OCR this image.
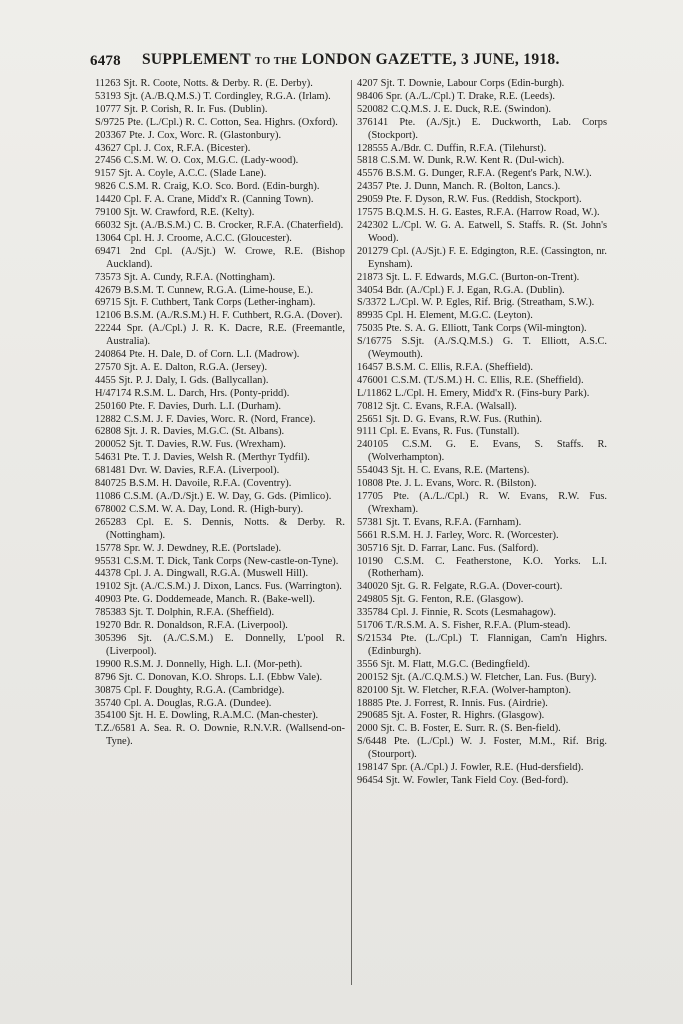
6478 SUPPLEMENT TO THE LONDON GAZETTE, 3 JUNE, 1918.

11263 Sjt. R. Coote, Notts. & Derby. R. (E. Derby).

53193 Sjt. (A./B.Q.M.S.) T. Cordingley, R.G.A. (Irlam).

10777 Sjt. P. Corish, R. Ir. Fus. (Dublin).

S/9725 Pte. (L./Cpl.) R. C. Cotton, Sea. Highrs. (Oxford).

203367 Pte. J. Cox, Worc. R. (Glastonbury).

43627 Cpl. J. Cox, R.F.A. (Bicester).

27456 C.S.M. W. O. Cox, M.G.C. (Lady-wood).

9157 Sjt. A. Coyle, A.C.C. (Slade Lane).

9826 C.S.M. R. Craig, K.O. Sco. Bord. (Edin-burgh).

14420 Cpl. F. A. Crane, Midd'x R. (Canning Town).

79100 Sjt. W. Crawford, R.E. (Kelty).

66032 Sjt. (A./B.S.M.) C. B. Crocker, R.F.A. (Chaterfield).

13064 Cpl. H. J. Croome, A.C.C. (Gloucester).

69471 2nd Cpl. (A./Sjt.) W. Crowe, R.E. (Bishop Auckland).

73573 Sjt. A. Cundy, R.F.A. (Nottingham).

42679 B.S.M. T. Cunnew, R.G.A. (Lime-house, E.).

69715 Sjt. F. Cuthbert, Tank Corps (Lether-ingham).

12106 B.S.M. (A./R.S.M.) H. F. Cuthbert, R.G.A. (Dover).

22244 Spr. (A./Cpl.) J. R. K. Dacre, R.E. (Freemantle, Australia).

240864 Pte. H. Dale, D. of Corn. L.I. (Madrow).

27570 Sjt. A. E. Dalton, R.G.A. (Jersey).

4455 Sjt. P. J. Daly, I. Gds. (Ballycallan).

H/47174 R.S.M. L. Darch, Hrs. (Ponty-pridd).

250160 Pte. F. Davies, Durh. L.I. (Durham).

12882 C.S.M. J. F. Davies, Worc. R. (Nord, France).

62808 Sjt. J. R. Davies, M.G.C. (St. Albans).

200052 Sjt. T. Davies, R.W. Fus. (Wrexham).

54631 Pte. T. J. Davies, Welsh R. (Merthyr Tydfil).

681481 Dvr. W. Davies, R.F.A. (Liverpool).

840725 B.S.M. H. Davoile, R.F.A. (Coventry).

11086 C.S.M. (A./D./Sjt.) E. W. Day, G. Gds. (Pimlico).

678002 C.S.M. W. A. Day, Lond. R. (High-bury).

265283 Cpl. E. S. Dennis, Notts. & Derby. R. (Nottingham).

15778 Spr. W. J. Dewdney, R.E. (Portslade).

95531 C.S.M. T. Dick, Tank Corps (New-castle-on-Tyne).

44378 Cpl. J. A. Dingwall, R.G.A. (Muswell Hill).

19102 Sjt. (A./C.S.M.) J. Dixon, Lancs. Fus. (Warrington).

40903 Pte. G. Doddemeade, Manch. R. (Bake-well).

785383 Sjt. T. Dolphin, R.F.A. (Sheffield).

19270 Bdr. R. Donaldson, R.F.A. (Liverpool).

305396 Sjt. (A./C.S.M.) E. Donnelly, L'pool R. (Liverpool).

19900 R.S.M. J. Donnelly, High. L.I. (Mor-peth).

8796 Sjt. C. Donovan, K.O. Shrops. L.I. (Ebbw Vale).

30875 Cpl. F. Doughty, R.G.A. (Cambridge).

35740 Cpl. A. Douglas, R.G.A. (Dundee).

354100 Sjt. H. E. Dowling, R.A.M.C. (Man-chester).

T.Z./6581 A. Sea. R. O. Downie, R.N.V.R. (Wallsend-on-Tyne).

4207 Sjt. T. Downie, Labour Corps (Edin-burgh).

98406 Spr. (A./L./Cpl.) T. Drake, R.E. (Leeds).

520082 C.Q.M.S. J. E. Duck, R.E. (Swindon).

376141 Pte. (A./Sjt.) E. Duckworth, Lab. Corps (Stockport).

128555 A./Bdr. C. Duffin, R.F.A. (Tilehurst).

5818 C.S.M. W. Dunk, R.W. Kent R. (Dul-wich).

45576 B.S.M. G. Dunger, R.F.A. (Regent's Park, N.W.).

24357 Pte. J. Dunn, Manch. R. (Bolton, Lancs.).

29059 Pte. F. Dyson, R.W. Fus. (Reddish, Stockport).

17575 B.Q.M.S. H. G. Eastes, R.F.A. (Harrow Road, W.).

242302 L./Cpl. W. G. A. Eatwell, S. Staffs. R. (St. John's Wood).

201279 Cpl. (A./Sjt.) F. E. Edgington, R.E. (Cassington, nr. Eynsham).

21873 Sjt. L. F. Edwards, M.G.C. (Burton-on-Trent).

34054 Bdr. (A./Cpl.) F. J. Egan, R.G.A. (Dublin).

S/3372 L./Cpl. W. P. Egles, Rif. Brig. (Streatham, S.W.).

89935 Cpl. H. Element, M.G.C. (Leyton).

75035 Pte. S. A. G. Elliott, Tank Corps (Wil-mington).

S/16775 S.Sjt. (A./S.Q.M.S.) G. T. Elliott, A.S.C. (Weymouth).

16457 B.S.M. C. Ellis, R.F.A. (Sheffield).

476001 C.S.M. (T./S.M.) H. C. Ellis, R.E. (Sheffield).

L/11862 L./Cpl. H. Emery, Midd'x R. (Fins-bury Park).

70812 Sjt. C. Evans, R.F.A. (Walsall).

25651 Sjt. D. G. Evans, R.W. Fus. (Ruthin).

9111 Cpl. E. Evans, R. Fus. (Tunstall).

240105 C.S.M. G. E. Evans, S. Staffs. R. (Wolverhampton).

554043 Sjt. H. C. Evans, R.E. (Martens).

10808 Pte. J. L. Evans, Worc. R. (Bilston).

17705 Pte. (A./L./Cpl.) R. W. Evans, R.W. Fus. (Wrexham).

57381 Sjt. T. Evans, R.F.A. (Farnham).

5661 R.S.M. H. J. Farley, Worc. R. (Worcester).

305716 Sjt. D. Farrar, Lanc. Fus. (Salford).

10190 C.S.M. C. Featherstone, K.O. Yorks. L.I. (Rotherham).

340020 Sjt. G. R. Felgate, R.G.A. (Dover-court).

249805 Sjt. G. Fenton, R.E. (Glasgow).

335784 Cpl. J. Finnie, R. Scots (Lesmahagow).

51706 T./R.S.M. A. S. Fisher, R.F.A. (Plum-stead).

S/21534 Pte. (L./Cpl.) T. Flannigan, Cam'n Highrs. (Edinburgh).

3556 Sjt. M. Flatt, M.G.C. (Bedingfield).

200152 Sjt. (A./C.Q.M.S.) W. Fletcher, Lan. Fus. (Bury).

820100 Sjt. W. Fletcher, R.F.A. (Wolver-hampton).

18885 Pte. J. Forrest, R. Innis. Fus. (Airdrie).

290685 Sjt. A. Foster, R. Highrs. (Glasgow).

2000 Sjt. C. B. Foster, E. Surr. R. (S. Ben-field).

S/6448 Pte. (L./Cpl.) W. J. Foster, M.M., Rif. Brig. (Stourport).

198147 Spr. (A./Cpl.) J. Fowler, R.E. (Hud-dersfield).

96454 Sjt. W. Fowler, Tank Field Coy. (Bed-ford).
